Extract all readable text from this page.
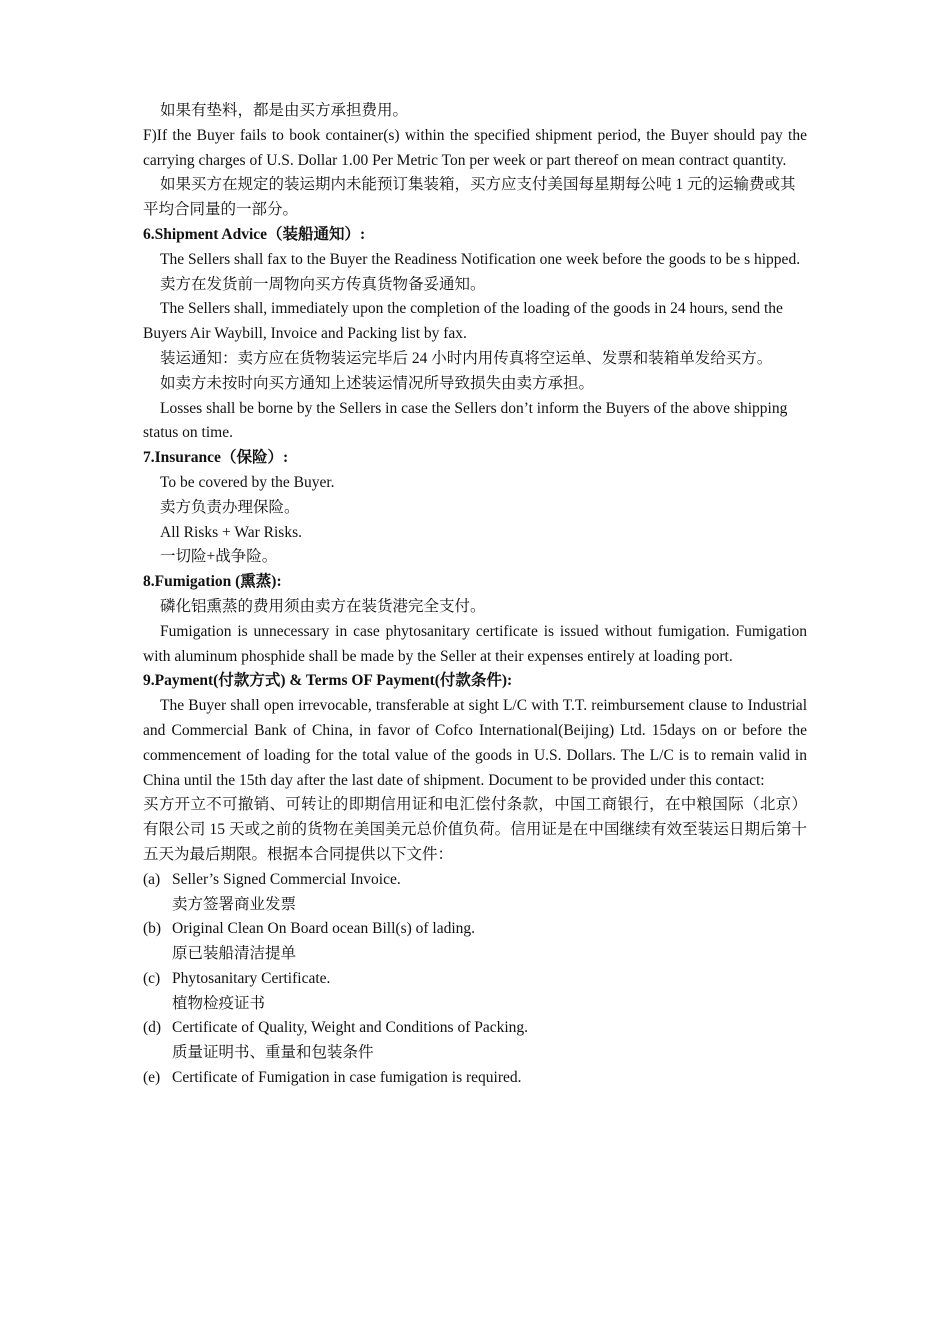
如果有垫料，都是由买方承担费用。

F)If the Buyer fails to book container(s) within the specified shipment period, the Buyer should pay the carrying charges of U.S. Dollar 1.00 Per Metric Ton per week or part thereof on mean contract quantity.

如果买方在规定的装运期内未能预订集装箱，买方应支付美国每星期每公吨 1 元的运输费或其平均合同量的一部分。

6.Shipment Advice（装船通知）:

The Sellers shall fax to the Buyer the Readiness Notification one week before the goods to be s hipped.

卖方在发货前一周物向买方传真货物备妥通知。

The Sellers shall, immediately upon the completion of the loading of the goods in 24 hours, send the Buyers Air Waybill, Invoice and Packing list by fax.

装运通知：卖方应在货物装运完毕后 24 小时内用传真将空运单、发票和装箱单发给买方。

如卖方未按时向买方通知上述装运情况所导致损失由卖方承担。

Losses shall be borne by the Sellers in case the Sellers don’t inform the Buyers of the above shipping status on time.

7.Insurance（保险）:

To be covered by the Buyer.

卖方负责办理保险。

All Risks + War Risks.

一切险+战争险。

8.Fumigation (熏蒸):

磷化铝熏蒸的费用须由卖方在装货港完全支付。

Fumigation is unnecessary in case phytosanitary certificate is issued without fumigation. Fumigation with aluminum phosphide shall be made by the Seller at their expenses entirely at loading port.

9.Payment(付款方式) & Terms OF Payment(付款条件):

The Buyer shall open irrevocable, transferable at sight L/C with T.T. reimbursement clause to Industrial and Commercial Bank of China, in favor of Cofco International(Beijing) Ltd. 15days on or before the commencement of loading for the total value of the goods in U.S. Dollars. The L/C is to remain valid in China until the 15th day after the last date of shipment. Document to be provided under this contact:

买方开立不可撤销、可转让的即期信用证和电汇偿付条款，中国工商银行，在中粮国际（北京）有限公司 15 天或之前的货物在美国美元总价值负荷。信用证是在中国继续有效至装运日期后第十五天为最后期限。根据本合同提供以下文件：

(a) Seller’s Signed Commercial Invoice.

卖方签署商业发票

(b) Original Clean On Board ocean Bill(s) of lading.

原已装船清洁提单

(c) Phytosanitary Certificate.

植物检疫证书

(d) Certificate of Quality, Weight and Conditions of Packing.

质量证明书、重量和包装条件

(e) Certificate of Fumigation in case fumigation is required.
